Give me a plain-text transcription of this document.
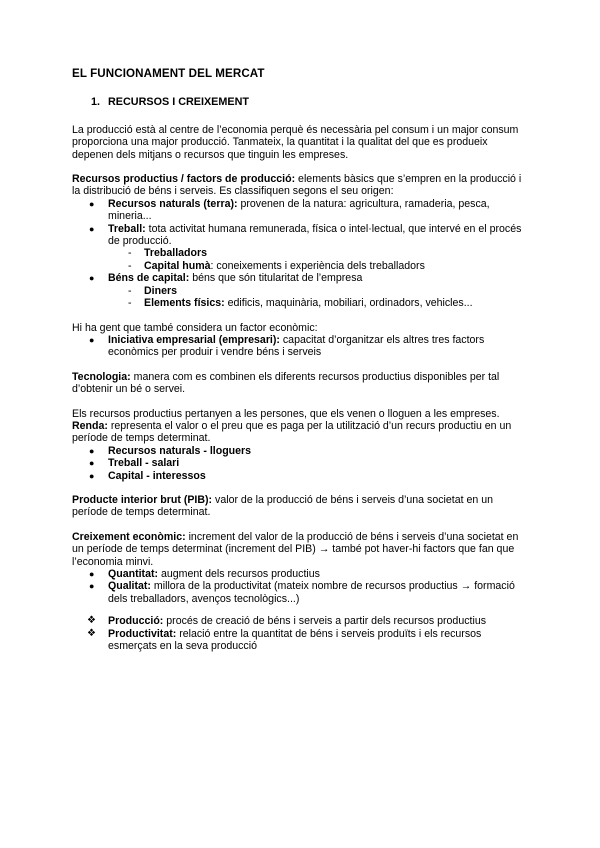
EL FUNCIONAMENT DEL MERCAT
1. RECURSOS I CREIXEMENT

La producció està al centre de l’economia perquè és necessària pel consum i un major consum proporciona una major producció. Tanmateix, la quantitat i la qualitat del que es produeix depenen dels mitjans o recursos que tinguin les empreses.

Recursos productius / factors de producció: elements bàsics que s’empren en la producció i la distribució de béns i serveis. Es classifiquen segons el seu origen:

● Recursos naturals (terra): provenen de la natura: agricultura, ramaderia, pesca, mineria...
● Treball: tota activitat humana remunerada, física o intel·lectual, que intervé en el procés de producció.
- Treballadors
- Capital humà: coneixements i experiència dels treballadors
● Béns de capital: béns que són titularitat de l’empresa
- Diners
- Elements físics: edificis, maquinària, mobiliari, ordinadors, vehicles...

Hi ha gent que també considera un factor econòmic:

● Iniciativa empresarial (empresari): capacitat d’organitzar els altres tres factors econòmics per produir i vendre béns i serveis

Tecnologia: manera com es combinen els diferents recursos productius disponibles per tal d’obtenir un bé o servei.

Els recursos productius pertanyen a les persones, que els venen o lloguen a les empreses.

Renda: representa el valor o el preu que es paga per la utilització d’un recurs productiu en un període de temps determinat.

● Recursos naturals - lloguers
● Treball - salari
● Capital - interessos

Producte interior brut (PIB): valor de la producció de béns i serveis d’una societat en un període de temps determinat.

Creixement econòmic: increment del valor de la producció de béns i serveis d’una societat en un període de temps determinat (increment del PIB) → també pot haver-hi factors que fan que l’economia minvi.

● Quantitat: augment dels recursos productius
● Qualitat: millora de la productivitat (mateix nombre de recursos productius → formació dels treballadors, avenços tecnològics...)
❖ Producció: procés de creació de béns i serveis a partir dels recursos productius
❖ Productivitat: relació entre la quantitat de béns i serveis produïts i els recursos esmerçats en la seva producció
